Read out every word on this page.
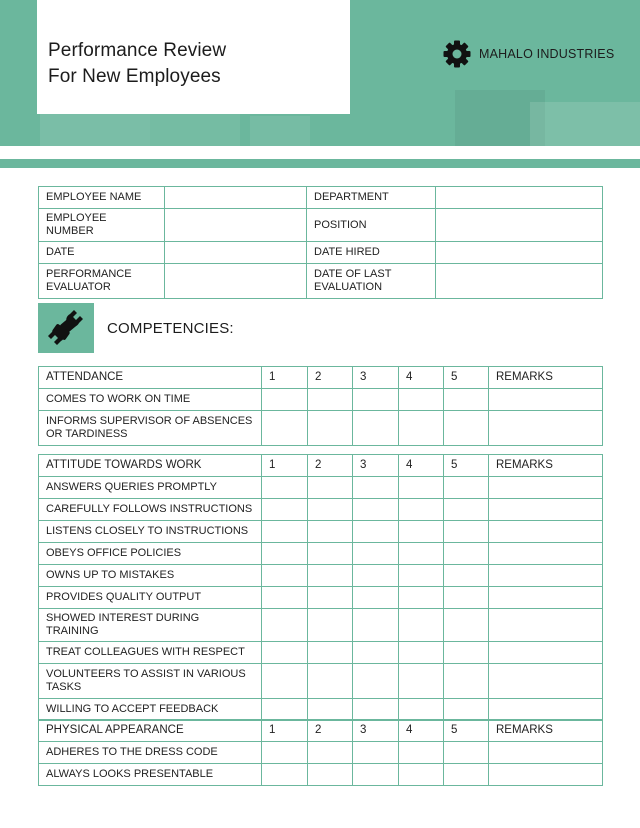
Performance Review
For New Employees
MAHALO INDUSTRIES
EMPLOYEE NAME		DEPARTMENT	
EMPLOYEE NUMBER		POSITION	
DATE		DATE HIRED	
PERFORMANCE
EVALUATOR		DATE OF LAST
EVALUATION	
COMPETENCIES:
ATTENDANCE	1	2	3	4	5	REMARKS
COMES TO WORK ON TIME						
INFORMS SUPERVISOR OF ABSENCES
OR TARDINESS						
ATTITUDE TOWARDS WORK	1	2	3	4	5	REMARKS
ANSWERS QUERIES PROMPTLY						
CAREFULLY FOLLOWS INSTRUCTIONS						
LISTENS CLOSELY TO INSTRUCTIONS						
OBEYS OFFICE POLICIES						
OWNS UP TO MISTAKES						
PROVIDES QUALITY OUTPUT						
SHOWED INTEREST DURING TRAINING						
TREAT COLLEAGUES WITH RESPECT						
VOLUNTEERS TO ASSIST IN VARIOUS
TASKS						
WILLING TO ACCEPT FEEDBACK						
PHYSICAL APPEARANCE	1	2	3	4	5	REMARKS
ADHERES TO THE DRESS CODE						
ALWAYS LOOKS PRESENTABLE						
